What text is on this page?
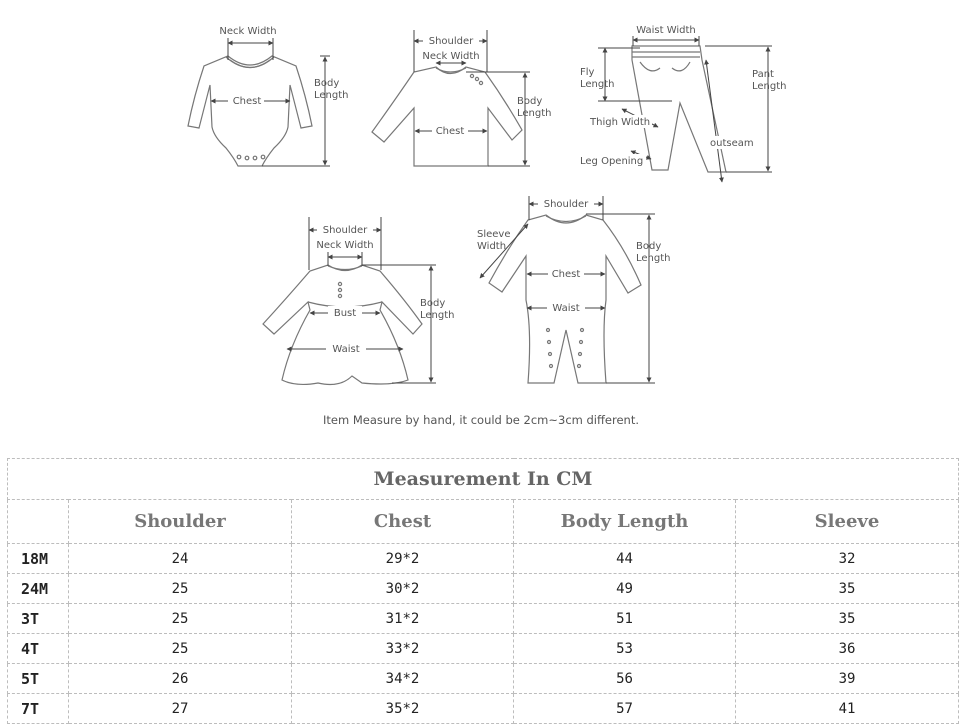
Neck Width
Chest
Body Length
Shoulder
Neck Width
Chest
Body Length
Waist Width
Fly Length
Thigh Width
Leg Opening
Pant Length
outseam
Shoulder
Neck Width
Bust
Waist
Body Length
Shoulder
Sleeve Width
Chest
Waist
Body Length
Item Measure by hand, it could be 2cm~3cm different.
Measurement In CM				
	Shoulder	Chest	Body Length	Sleeve
18M	24	29*2	44	32
24M	25	30*2	49	35
3T	25	31*2	51	35
4T	25	33*2	53	36
5T	26	34*2	56	39
7T	27	35*2	57	41
